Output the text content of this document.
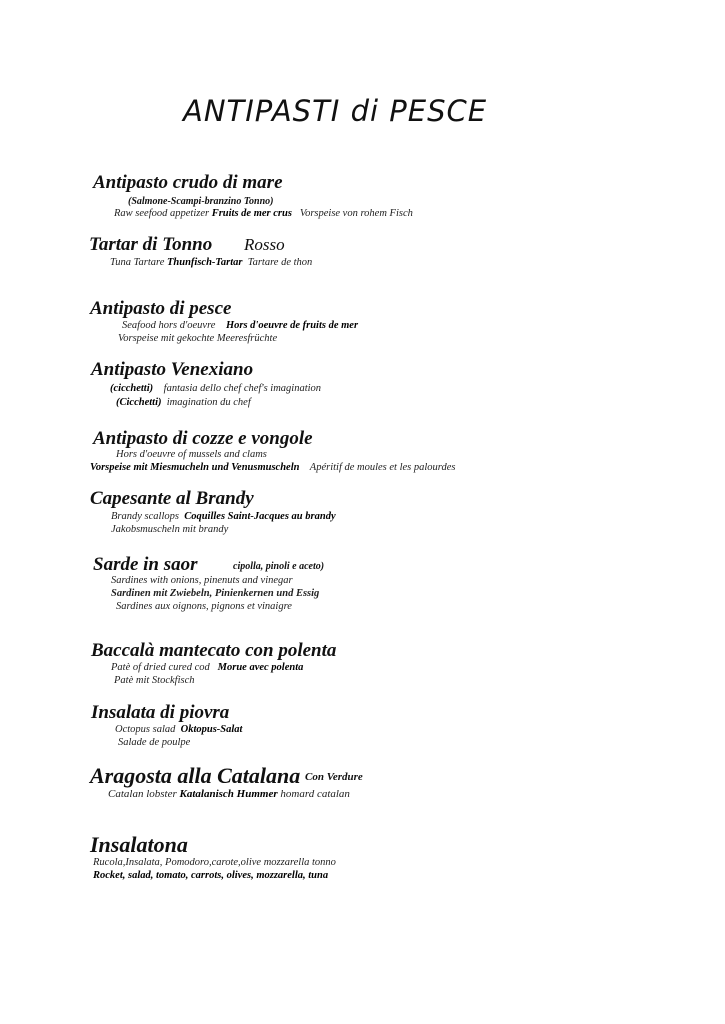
ANTIPASTI di PESCE
Antipasto crudo di mare
(Salmone-Scampi-branzino Tonno)
Raw seefood appetizer Fruits de mer crus   Vorspeise von rohem Fisch
Tartar di Tonno Rosso
Tuna Tartare Thunfisch-Tartar  Tartare de thon
Antipasto di pesce
Seafood hors d'oeuvre    Hors d'oeuvre de fruits de mer
Vorspeise mit gekochte Meeresfrüchte
Antipasto Venexiano
(cicchetti)    fantasia dello chef chef's imagination
(Cicchetti)  imagination du chef
Antipasto di cozze e vongole
Hors d'oeuvre of mussels and clams
Vorspeise mit Miesmucheln und Venusmuscheln    Apéritif de moules et les palourdes
Capesante al Brandy
Brandy scallops  Coquilles Saint-Jacques au brandy
Jakobsmuscheln mit brandy
Sarde in saor	cipolla, pinoli e aceto)
Sardines with onions, pinenuts and vinegar
Sardinen mit Zwiebeln, Pinienkernen und Essig
Sardines aux oignons, pignons et vinaigre
Baccalà mantecato con polenta
Patè of dried cured cod   Morue avec polenta
Patè mit Stockfisch
Insalata di piovra
Octopus salad  Oktopus-Salat
Salade de poulpe
Aragosta alla Catalana Con Verdure
Catalan lobster Katalanisch Hummer homard catalan
Insalatona
Rucola,Insalata, Pomodoro,carote,olive mozzarella tonno
Rocket, salad, tomato, carrots, olives, mozzarella, tuna
